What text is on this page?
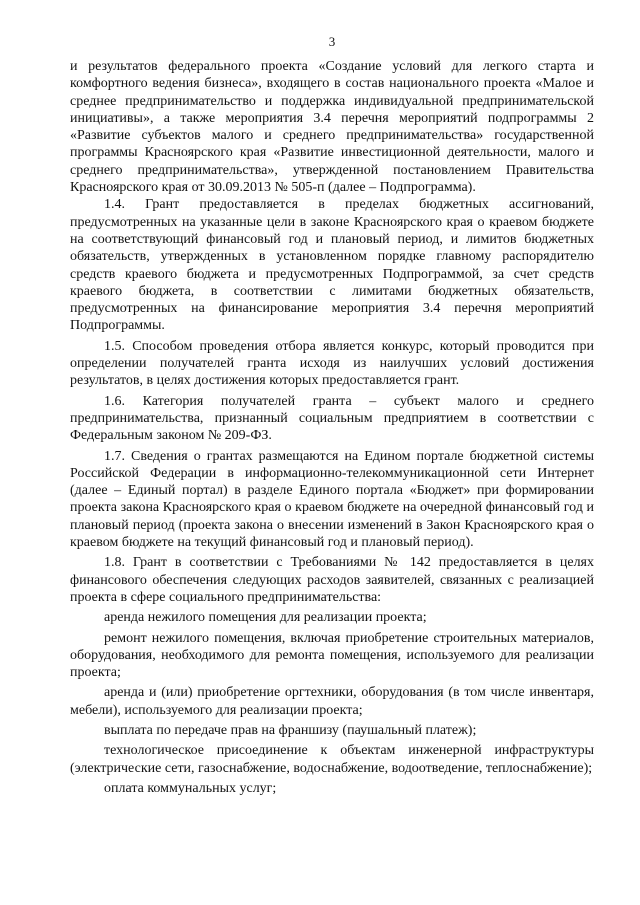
3

и результатов федерального проекта «Создание условий для легкого старта и комфортного ведения бизнеса», входящего в состав национального проекта «Малое и среднее предпринимательство и поддержка индивидуальной предпринимательской инициативы», а также мероприятия 3.4 перечня мероприятий подпрограммы 2 «Развитие субъектов малого и среднего предпринимательства» государственной программы Красноярского края «Развитие инвестиционной деятельности, малого и среднего предпринимательства», утвержденной постановлением Правительства Красноярского края от 30.09.2013 № 505-п (далее – Подпрограмма).

1.4. Грант предоставляется в пределах бюджетных ассигнований, предусмотренных на указанные цели в законе Красноярского края о краевом бюджете на соответствующий финансовый год и плановый период, и лимитов бюджетных обязательств, утвержденных в установленном порядке главному распорядителю средств краевого бюджета и предусмотренных Подпрограммой, за счет средств краевого бюджета, в соответствии с лимитами бюджетных обязательств, предусмотренных на финансирование мероприятия 3.4 перечня мероприятий Подпрограммы.

1.5. Способом проведения отбора является конкурс, который проводится при определении получателей гранта исходя из наилучших условий достижения результатов, в целях достижения которых предоставляется грант.

1.6. Категория получателей гранта – субъект малого и среднего предпринимательства, признанный социальным предприятием в соответствии с Федеральным законом № 209-ФЗ.

1.7. Сведения о грантах размещаются на Едином портале бюджетной системы Российской Федерации в информационно-телекоммуникационной сети Интернет (далее – Единый портал) в разделе Единого портала «Бюджет» при формировании проекта закона Красноярского края о краевом бюджете на очередной финансовый год и плановый период (проекта закона о внесении изменений в Закон Красноярского края о краевом бюджете на текущий финансовый год и плановый период).

1.8. Грант в соответствии с Требованиями № 142 предоставляется в целях финансового обеспечения следующих расходов заявителей, связанных с реализацией проекта в сфере социального предпринимательства:

аренда нежилого помещения для реализации проекта;

ремонт нежилого помещения, включая приобретение строительных материалов, оборудования, необходимого для ремонта помещения, используемого для реализации проекта;

аренда и (или) приобретение оргтехники, оборудования (в том числе инвентаря, мебели), используемого для реализации проекта;

выплата по передаче прав на франшизу (паушальный платеж);

технологическое присоединение к объектам инженерной инфраструктуры (электрические сети, газоснабжение, водоснабжение, водоотведение, теплоснабжение);

оплата коммунальных услуг;
